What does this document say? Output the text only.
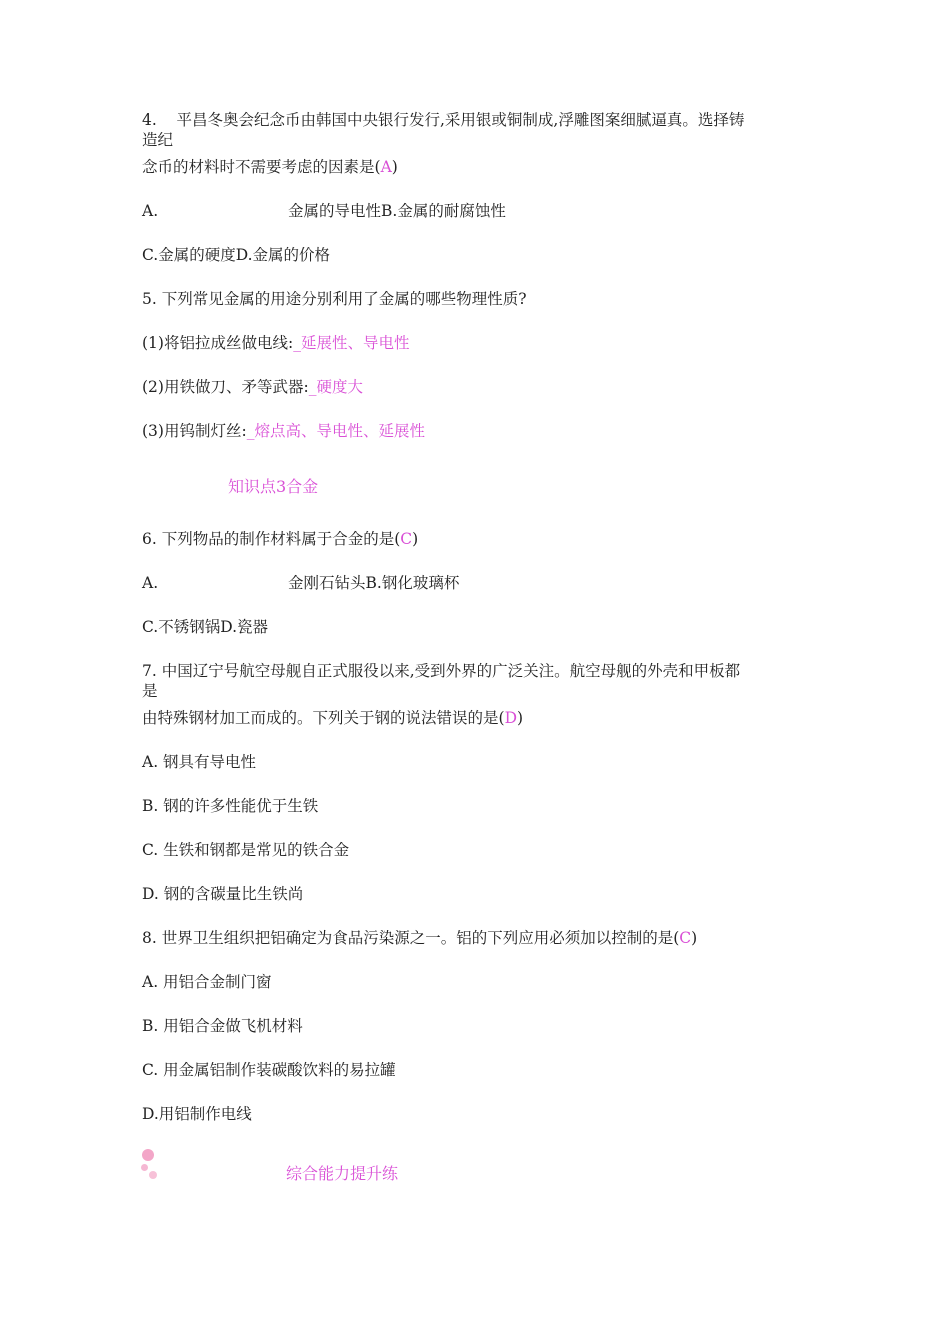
4.    平昌冬奥会纪念币由韩国中央银行发行,采用银或铜制成,浮雕图案细腻逼真。选择铸
造纪
念币的材料时不需要考虑的因素是(A)
A.	金属的导电性B.金属的耐腐蚀性
C.金属的硬度D.金属的价格
5. 下列常见金属的用途分别利用了金属的哪些物理性质?
(1)将铝拉成丝做电线:_延展性、导电性
(2)用铁做刀、矛等武器:_硬度大
(3)用钨制灯丝:_熔点高、导电性、延展性
知识点3合金
6. 下列物品的制作材料属于合金的是(C)
A.	金刚石钻头B.钢化玻璃杯
C.不锈钢锅D.瓷器
7. 中国辽宁号航空母舰自正式服役以来,受到外界的广泛关注。航空母舰的外壳和甲板都
是
由特殊钢材加工而成的。下列关于钢的说法错误的是(D)
A. 钢具有导电性
B. 钢的许多性能优于生铁
C. 生铁和钢都是常见的铁合金
D. 钢的含碳量比生铁尚
8. 世界卫生组织把铝确定为食品污染源之一。铝的下列应用必须加以控制的是(C)
A. 用铝合金制门窗
B. 用铝合金做飞机材料
C. 用金属铝制作装碳酸饮料的易拉罐
D.用铝制作电线
综合能力提升练
